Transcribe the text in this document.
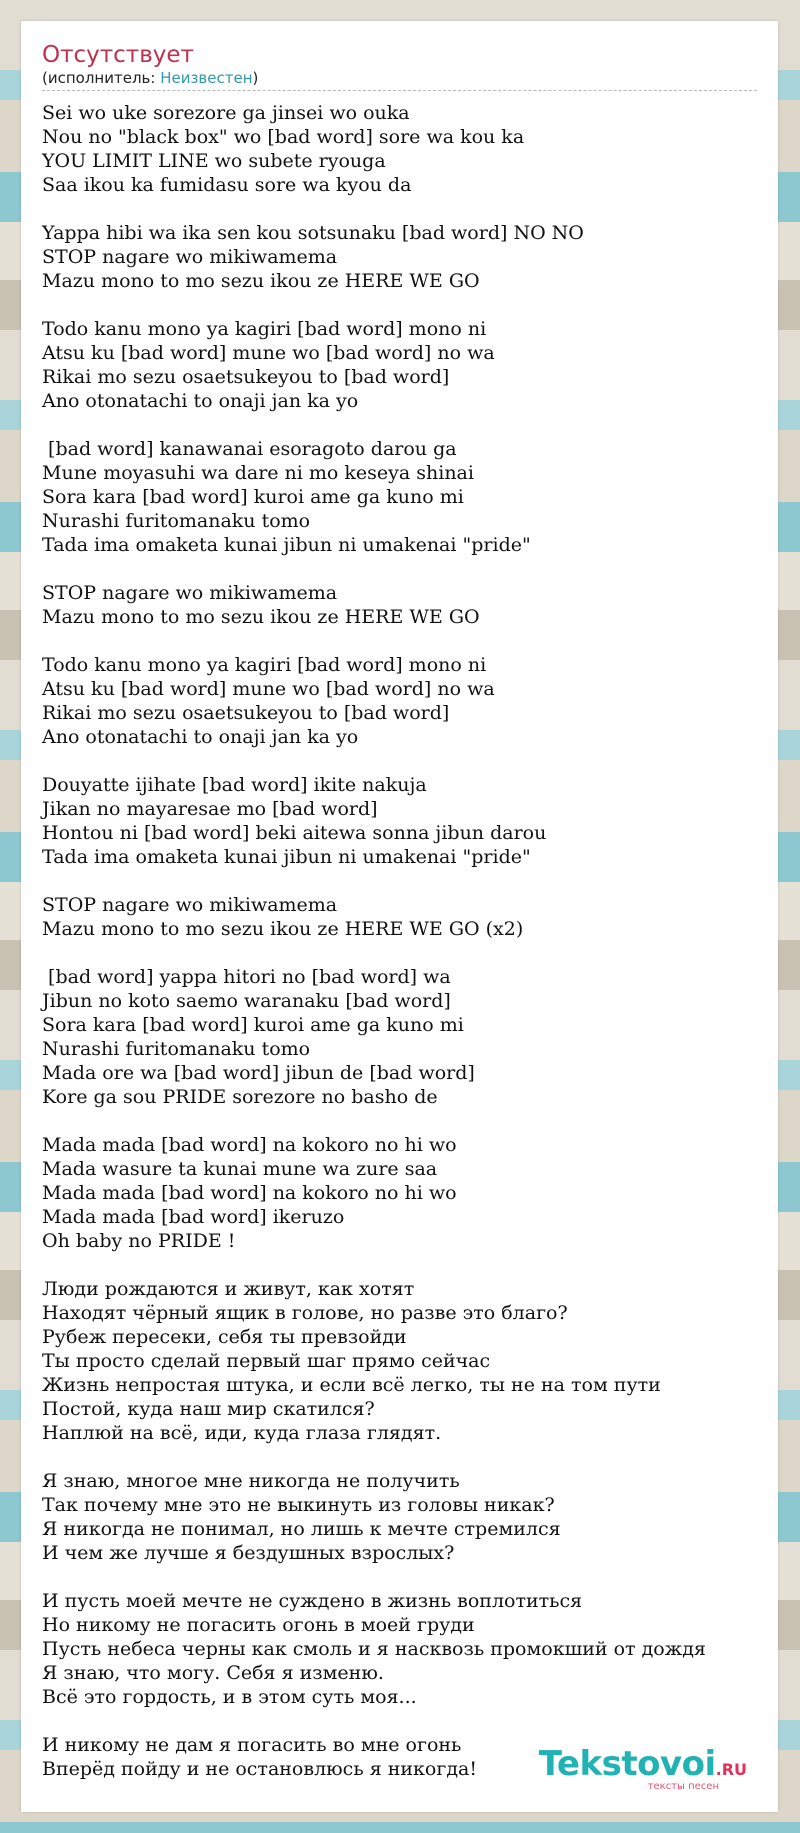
Отсутствует
(исполнитель: Неизвестен)
Sei wo uke sorezore ga jinsei wo ouka
Nou no "black box" wo [bad word] sore wa kou ka
YOU LIMIT LINE wo subete ryouga
Saa ikou ka fumidasu sore wa kyou da
Yappa hibi wa ika sen kou sotsunaku [bad word] NO NO
STOP nagare wo mikiwamema
Mazu mono to mo sezu ikou ze HERE WE GO
Todo kanu mono ya kagiri [bad word] mono ni
Atsu ku [bad word] mune wo [bad word] no wa
Rikai mo sezu osaetsukeyou to [bad word]
Ano otonatachi to onaji jan ka yo
[bad word] kanawanai esoragoto darou ga
Mune moyasuhi wa dare ni mo keseya shinai
Sora kara [bad word] kuroi ame ga kuno mi
Nurashi furitomanaku tomo
Tada ima omaketa kunai jibun ni umakenai "pride"
STOP nagare wo mikiwamema
Mazu mono to mo sezu ikou ze HERE WE GO
Todo kanu mono ya kagiri [bad word] mono ni
Atsu ku [bad word] mune wo [bad word] no wa
Rikai mo sezu osaetsukeyou to [bad word]
Ano otonatachi to onaji jan ka yo
Douyatte ijihate [bad word] ikite nakuja
Jikan no mayaresae mo [bad word]
Hontou ni [bad word] beki aitewa sonna jibun darou
Tada ima omaketa kunai jibun ni umakenai "pride"
STOP nagare wo mikiwamema
Mazu mono to mo sezu ikou ze HERE WE GO (x2)
[bad word] yappa hitori no [bad word] wa
Jibun no koto saemo waranaku [bad word]
Sora kara [bad word] kuroi ame ga kuno mi
Nurashi furitomanaku tomo
Mada ore wa [bad word] jibun de [bad word]
Kore ga sou PRIDE sorezore no basho de
Mada mada [bad word] na kokoro no hi wo
Mada wasure ta kunai mune wa zure saa
Mada mada [bad word] na kokoro no hi wo
Mada mada [bad word] ikeruzo
Oh baby no PRIDE !
Люди рождаются и живут, как хотят
Находят чёрный ящик в голове, но разве это благо?
Рубеж пересеки, себя ты превзойди
Ты просто сделай первый шаг прямо сейчас
Жизнь непростая штука, и если всё легко, ты не на том пути
Постой, куда наш мир скатился?
Наплюй на всё, иди, куда глаза глядят.
Я знаю, многое мне никогда не получить
Так почему мне это не выкинуть из головы никак?
Я никогда не понимал, но лишь к мечте стремился
И чем же лучше я бездушных взрослых?
И пусть моей мечте не суждено в жизнь воплотиться
Но никому не погасить огонь в моей груди
Пусть небеса черны как смоль и я насквозь промокший от дождя
Я знаю, что могу. Себя я изменю.
Всё это гордость, и в этом суть моя...
И никому не дам я погасить во мне огонь
Вперёд пойду и не остановлюсь я никогда!	Tekstovoi.RU
тексты песен
